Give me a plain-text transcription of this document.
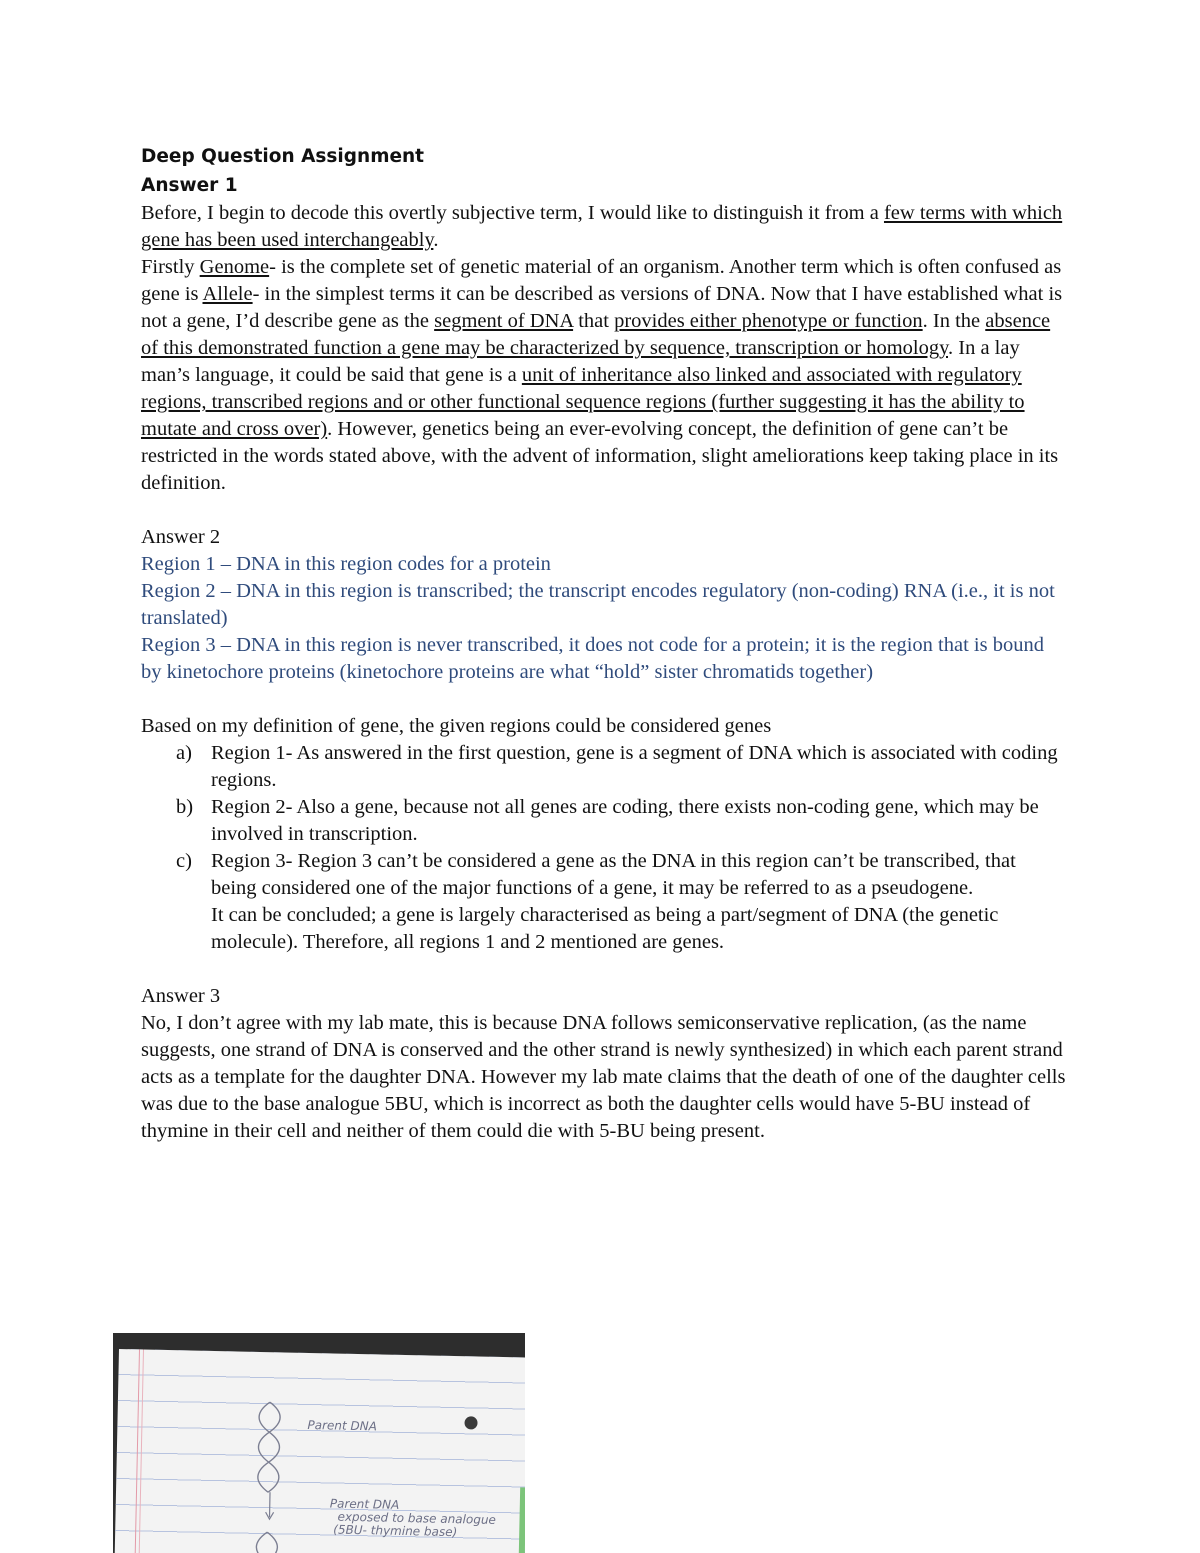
Deep Question Assignment
Answer 1

Before, I begin to decode this overtly subjective term, I would like to distinguish it from a few terms with which gene has been used interchangeably.

Firstly Genome- is the complete set of genetic material of an organism. Another term which is often confused as gene is Allele- in the simplest terms it can be described as versions of DNA. Now that I have established what is not a gene, I’d describe gene as the segment of DNA that provides either phenotype or function. In the absence of this demonstrated function a gene may be characterized by sequence, transcription or homology. In a lay man’s language, it could be said that gene is a unit of inheritance also linked and associated with regulatory regions, transcribed regions and or other functional sequence regions (further suggesting it has the ability to mutate and cross over). However, genetics being an ever-evolving concept, the definition of gene can’t be restricted in the words stated above, with the advent of information, slight ameliorations keep taking place in its definition.

Answer 2

Region 1 – DNA in this region codes for a protein

Region 2 – DNA in this region is transcribed; the transcript encodes regulatory (non-coding) RNA (i.e., it is not translated)

Region 3 – DNA in this region is never transcribed, it does not code for a protein; it is the region that is bound by kinetochore proteins (kinetochore proteins are what “hold” sister chromatids together)

Based on my definition of gene, the given regions could be considered genes

a) Region 1- As answered in the first question, gene is a segment of DNA which is associated with coding regions.
b) Region 2- Also a gene, because not all genes are coding, there exists non-coding gene, which may be involved in transcription.
c) Region 3- Region 3 can’t be considered a gene as the DNA in this region can’t be transcribed, that being considered one of the major functions of a gene, it may be referred to as a pseudogene.
It can be concluded; a gene is largely characterised as being a part/segment of DNA (the genetic molecule). Therefore, all regions 1 and 2 mentioned are genes.

Answer 3

No, I don’t agree with my lab mate, this is because DNA follows semiconservative replication, (as the name suggests, one strand of DNA is conserved and the other strand is newly synthesized) in which each parent strand acts as a template for the daughter DNA. However my lab mate claims that the death of one of the daughter cells was due to the base analogue 5BU, which is incorrect as both the daughter cells would have 5-BU instead of thymine in their cell and neither of them could die with 5-BU being present.

Parent DNA
Parent DNA
exposed to base analogue
(5BU- thymine base)
